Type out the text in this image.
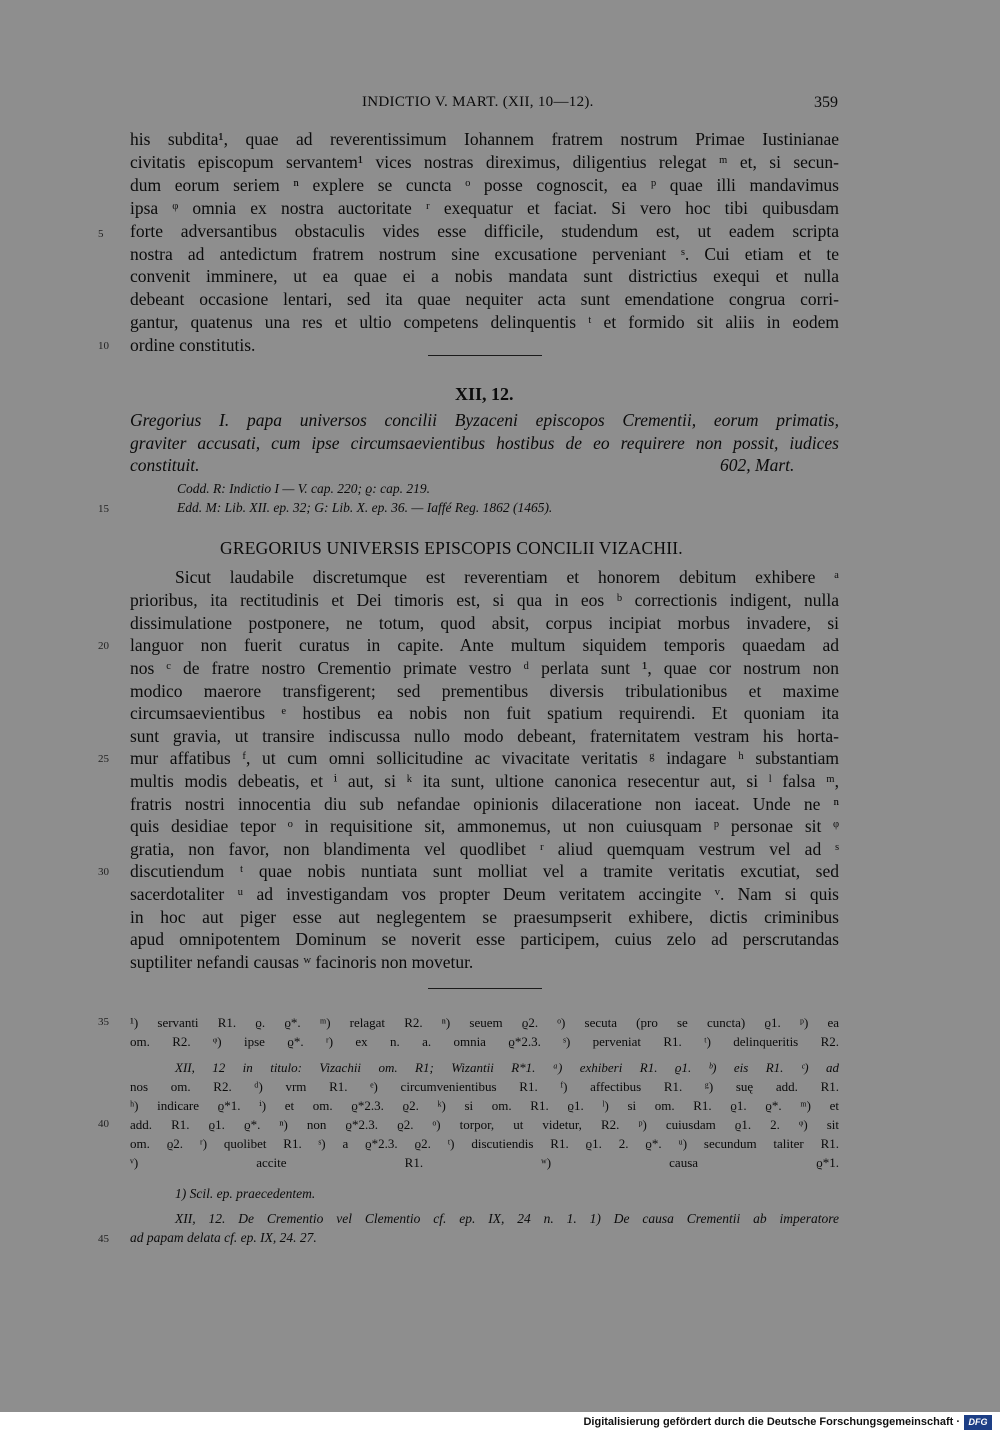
INDICTIO V. MART. (XII, 10—12).	359
his subdita¹, quae ad reverentissimum Iohannem fratrem nostrum Primae Iustinianae
civitatis episcopum servantem¹ vices nostras direximus, diligentius relegat ᵐ et, si secun-
dum eorum seriem ⁿ explere se cuncta ᵒ posse cognoscit, ea ᵖ quae illi mandavimus
ipsa ᵠ omnia ex nostra auctoritate ʳ exequatur et faciat. Si vero hoc tibi quibusdam
forte adversantibus obstaculis vides esse difficile, studendum est, ut eadem scripta
nostra ad antedictum fratrem nostrum sine excusatione perveniant ˢ. Cui etiam et te
convenit imminere, ut ea quae ei a nobis mandata sunt districtius exequi et nulla
debeant occasione lentari, sed ita quae nequiter acta sunt emendatione congrua corri-
gantur, quatenus una res et ultio competens delinquentis ᵗ et formido sit aliis in eodem
ordine constitutis.
XII, 12.
Gregorius I. papa universos concilii Byzaceni episcopos Crementii, eorum primatis,
graviter accusati, cum ipse circumsaevientibus hostibus de eo requirere non possit, iudices
constituit.	602, Mart.
Codd. R: Indictio I — V. cap. 220; ϱ: cap. 219.
Edd. M: Lib. XII. ep. 32; G: Lib. X. ep. 36. — Iaffé Reg. 1862 (1465).
GREGORIUS UNIVERSIS EPISCOPIS CONCILII VIZACHII.
Sicut laudabile discretumque est reverentiam et honorem debitum exhibere ᵃ
prioribus, ita rectitudinis et Dei timoris est, si qua in eos ᵇ correctionis indigent, nulla
dissimulatione postponere, ne totum, quod absit, corpus incipiat morbus invadere, si
languor non fuerit curatus in capite. Ante multum siquidem temporis quaedam ad
nos ᶜ de fratre nostro Crementio primate vestro ᵈ perlata sunt ¹, quae cor nostrum non
modico maerore transfigerent; sed prementibus diversis tribulationibus et maxime
circumsaevientibus ᵉ hostibus ea nobis non fuit spatium requirendi. Et quoniam ita
sunt gravia, ut transire indiscussa nullo modo debeant, fraternitatem vestram his horta-
mur affatibus ᶠ, ut cum omni sollicitudine ac vivacitate veritatis ᵍ indagare ʰ substantiam
multis modis debeatis, et ⁱ aut, si ᵏ ita sunt, ultione canonica resecentur aut, si ˡ falsa ᵐ,
fratris nostri innocentia diu sub nefandae opinionis dilaceratione non iaceat. Unde ne ⁿ
quis desidiae tepor ᵒ in requisitione sit, ammonemus, ut non cuiusquam ᵖ personae sit ᵠ
gratia, non favor, non blandimenta vel quodlibet ʳ aliud quemquam vestrum vel ad ˢ
discutiendum ᵗ quae nobis nuntiata sunt molliat vel a tramite veritatis excutiat, sed
sacerdotaliter ᵘ ad investigandam vos propter Deum veritatem accingite ᵛ. Nam si quis
in hoc aut piger esse aut neglegentem se praesumpserit exhibere, dictis criminibus
apud omnipotentem Dominum se noverit esse participem, cuius zelo ad perscrutandas
suptiliter nefandi causas ʷ facinoris non movetur.
¹) servanti R1. ϱ. ϱ*. ᵐ) relagat R2. ⁿ) seuem ϱ2. ᵒ) secuta (pro se cuncta) ϱ1. ᵖ) ea
om. R2. ᵠ) ipse ϱ*. ʳ) ex n. a. omnia ϱ*2.3. ˢ) perveniat R1. ᵗ) delinqueritis R2.
XII, 12 in titulo: Vizachii om. R1; Wizantii R*1. ᵃ) exhiberi R1. ϱ1. ᵇ) eis R1. ᶜ) ad
nos om. R2. ᵈ) vrm R1. ᵉ) circumvenientibus R1. ᶠ) affectibus R1. ᵍ) suę add. R1.
ʰ) indicare ϱ*1. ⁱ) et om. ϱ*2.3. ϱ2. ᵏ) si om. R1. ϱ1. ˡ) si om. R1. ϱ1. ϱ*. ᵐ) et
add. R1. ϱ1. ϱ*. ⁿ) non ϱ*2.3. ϱ2. ᵒ) torpor, ut videtur, R2. ᵖ) cuiusdam ϱ1. 2. ᵠ) sit
om. ϱ2. ʳ) quolibet R1. ˢ) a ϱ*2.3. ϱ2. ᵗ) discutiendis R1. ϱ1. 2. ϱ*. ᵘ) secundum taliter R1.
ᵛ) accite R1. ʷ) causa ϱ*1.
1) Scil. ep. praecedentem.
XII, 12. De Crementio vel Clementio cf. ep. IX, 24 n. 1. 1) De causa Crementii ab imperatore
ad papam delata cf. ep. IX, 24. 27.
5
10
15
20
25
30
35
40
45
Digitalisierung gefördert durch die Deutsche Forschungsgemeinschaft · DFG
